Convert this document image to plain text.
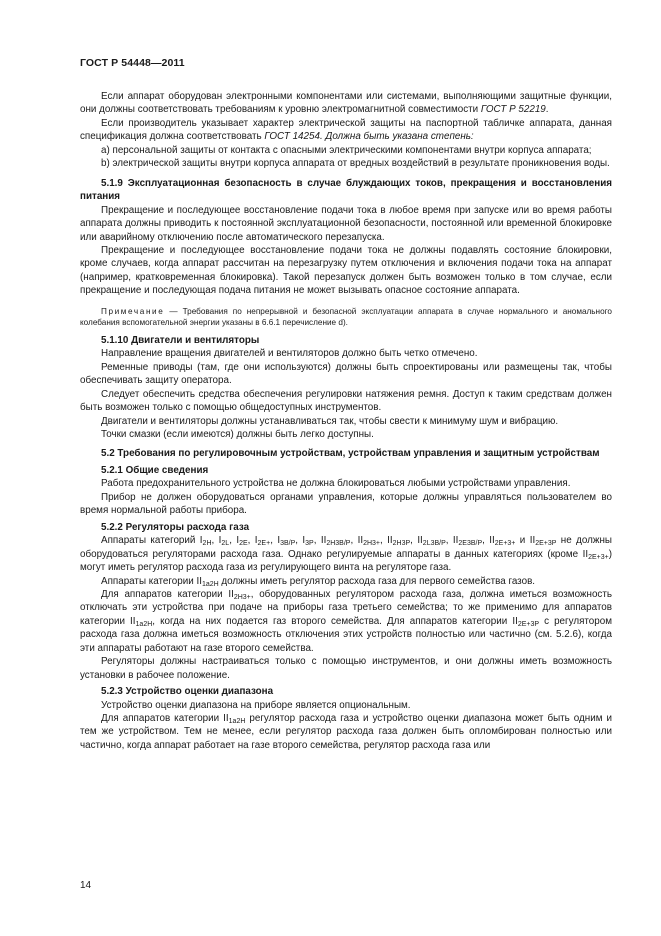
ГОСТ Р 54448—2011

Если аппарат оборудован электронными компонентами или системами, выполняющими защитные функции, они должны соответствовать требованиям к уровню электромагнитной совместимости ГОСТ Р 52219.

Если производитель указывает характер электрической защиты на паспортной табличке аппарата, данная спецификация должна соответствовать ГОСТ 14254. Должна быть указана степень:

a) персональной защиты от контакта с опасными электрическими компонентами внутри корпуса аппарата;

b) электрической защиты внутри корпуса аппарата от вредных воздействий в результате проникновения воды.

5.1.9 Эксплуатационная безопасность в случае блуждающих токов, прекращения и восстановления питания

Прекращение и последующее восстановление подачи тока в любое время при запуске или во время работы аппарата должны приводить к постоянной эксплуатационной безопасности, постоянной или временной блокировке или аварийному отключению после автоматического перезапуска.

Прекращение и последующее восстановление подачи тока не должны подавлять состояние блокировки, кроме случаев, когда аппарат рассчитан на перезагрузку путем отключения и включения подачи тока на аппарат (например, кратковременная блокировка). Такой перезапуск должен быть возможен только в том случае, если прекращение и последующая подача питания не может вызывать опасное состояние аппарата.

Примечание — Требования по непрерывной и безопасной эксплуатации аппарата в случае нормального и аномального колебания вспомогательной энергии указаны в 6.6.1 перечисление d).

5.1.10 Двигатели и вентиляторы

Направление вращения двигателей и вентиляторов должно быть четко отмечено.

Ременные приводы (там, где они используются) должны быть спроектированы или размещены так, чтобы обеспечивать защиту оператора.

Следует обеспечить средства обеспечения регулировки натяжения ремня. Доступ к таким средствам должен быть возможен только с помощью общедоступных инструментов.

Двигатели и вентиляторы должны устанавливаться так, чтобы свести к минимуму шум и вибрацию.

Точки смазки (если имеются) должны быть легко доступны.

5.2 Требования по регулировочным устройствам, устройствам управления и защитным устройствам

5.2.1 Общие сведения

Работа предохранительного устройства не должна блокироваться любыми устройствами управления.

Прибор не должен оборудоваться органами управления, которые должны управляться пользователем во время нормальной работы прибора.

5.2.2 Регуляторы расхода газа

Аппараты категорий $I_{2H}$, $I_{2L}$, $I_{2E}$, $I_{2E+}$, $I_{3B/P}$, $I_{3P}$, $II_{2H3B/P}$, $II_{2H3+}$, $II_{2H3P}$, $II_{2L3B/P}$, $II_{2E3B/P}$, $II_{2E+3+}$ и $II_{2E+3P}$ не должны оборудоваться регуляторами расхода газа. Однако регулируемые аппараты в данных категориях (кроме $II_{2E+3+}$) могут иметь регулятор расхода газа из регулирующего винта на регуляторе газа.

Аппараты категории $II_{1a2H}$ должны иметь регулятор расхода газа для первого семейства газов.

Для аппаратов категории $II_{2H3+}$, оборудованных регулятором расхода газа, должна иметься возможность отключать эти устройства при подаче на приборы газа третьего семейства; то же применимо для аппаратов категории $II_{1a2H}$, когда на них подается газ второго семейства. Для аппаратов категории $II_{2E+3P}$ с регулятором расхода газа должна иметься возможность отключения этих устройств полностью или частично (см. 5.2.6), когда эти аппараты работают на газе второго семейства.

Регуляторы должны настраиваться только с помощью инструментов, и они должны иметь возможность установки в рабочее положение.

5.2.3 Устройство оценки диапазона

Устройство оценки диапазона на приборе является опциональным.

Для аппаратов категории $II_{1a2H}$ регулятор расхода газа и устройство оценки диапазона может быть одним и тем же устройством. Тем не менее, если регулятор расхода газа должен быть опломбирован полностью или частично, когда аппарат работает на газе второго семейства, регулятор расхода газа или

14
